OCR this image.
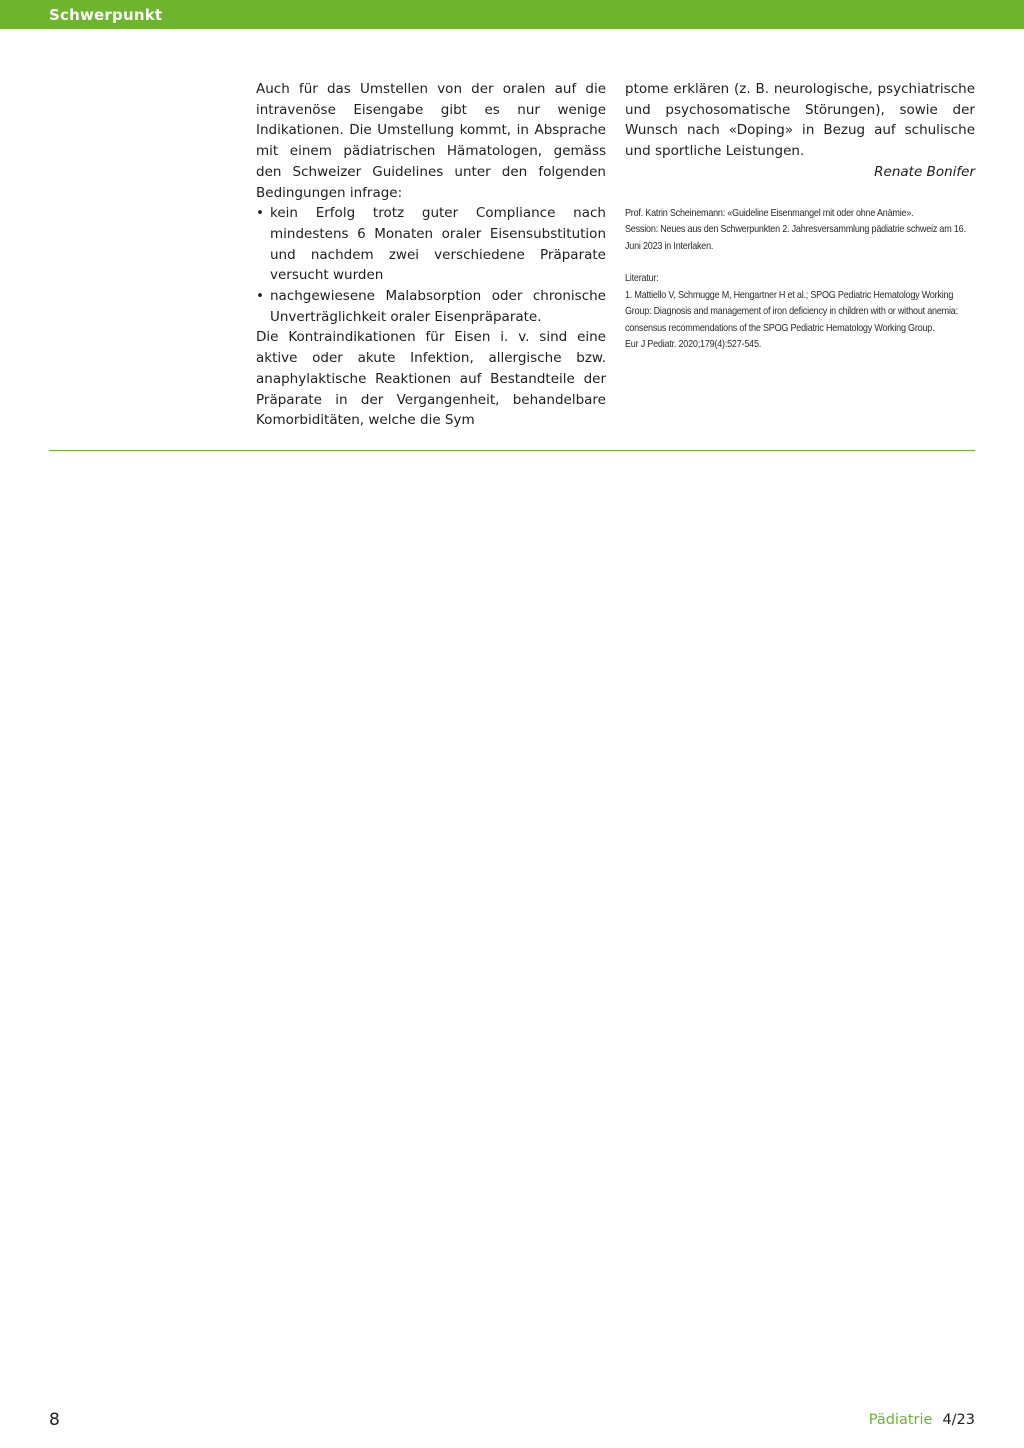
Schwerpunkt

Auch für das Umstellen von der oralen auf die intravenöse Eisengabe gibt es nur wenige Indikationen. Die Umstellung kommt, in Absprache mit einem pädiatrischen Hämatologen, gemäss den Schweizer Guidelines unter den folgenden Bedingungen infrage:

• kein Erfolg trotz guter Compliance nach mindestens 6 Monaten oraler Eisensubstitution und nachdem zwei verschiedene Präparate versucht wurden
• nachgewiesene Malabsorption oder chronische Unverträglichkeit oraler Eisenpräparate.

Die Kontraindikationen für Eisen i. v. sind eine aktive oder akute Infektion, allergische bzw. anaphylaktische Reaktionen auf Bestandteile der Präparate in der Vergangenheit, behandelbare Komorbiditäten, welche die Sym

ptome erklären (z. B. neurologische, psychiatrische und psychosomatische Störungen), sowie der Wunsch nach «Doping» in Bezug auf schulische und sportliche Leistungen.

Renate Bonifer

Prof. Katrin Scheinemann: «Guideline Eisenmangel mit oder ohne Anämie».
Session: Neues aus den Schwerpunkten 2. Jahresversammlung pädiatrie schweiz am 16. Juni 2023 in Interlaken.
Literatur:
1. Mattiello V, Schmugge M, Hengartner H et al.; SPOG Pediatric Hematology Working Group: Diagnosis and management of iron deficiency in children with or without anemia: consensus recommendations of the SPOG Pediatric Hematology Working Group.
Eur J Pediatr. 2020;179(4):527-545.
8	Pädiatrie 4/23
